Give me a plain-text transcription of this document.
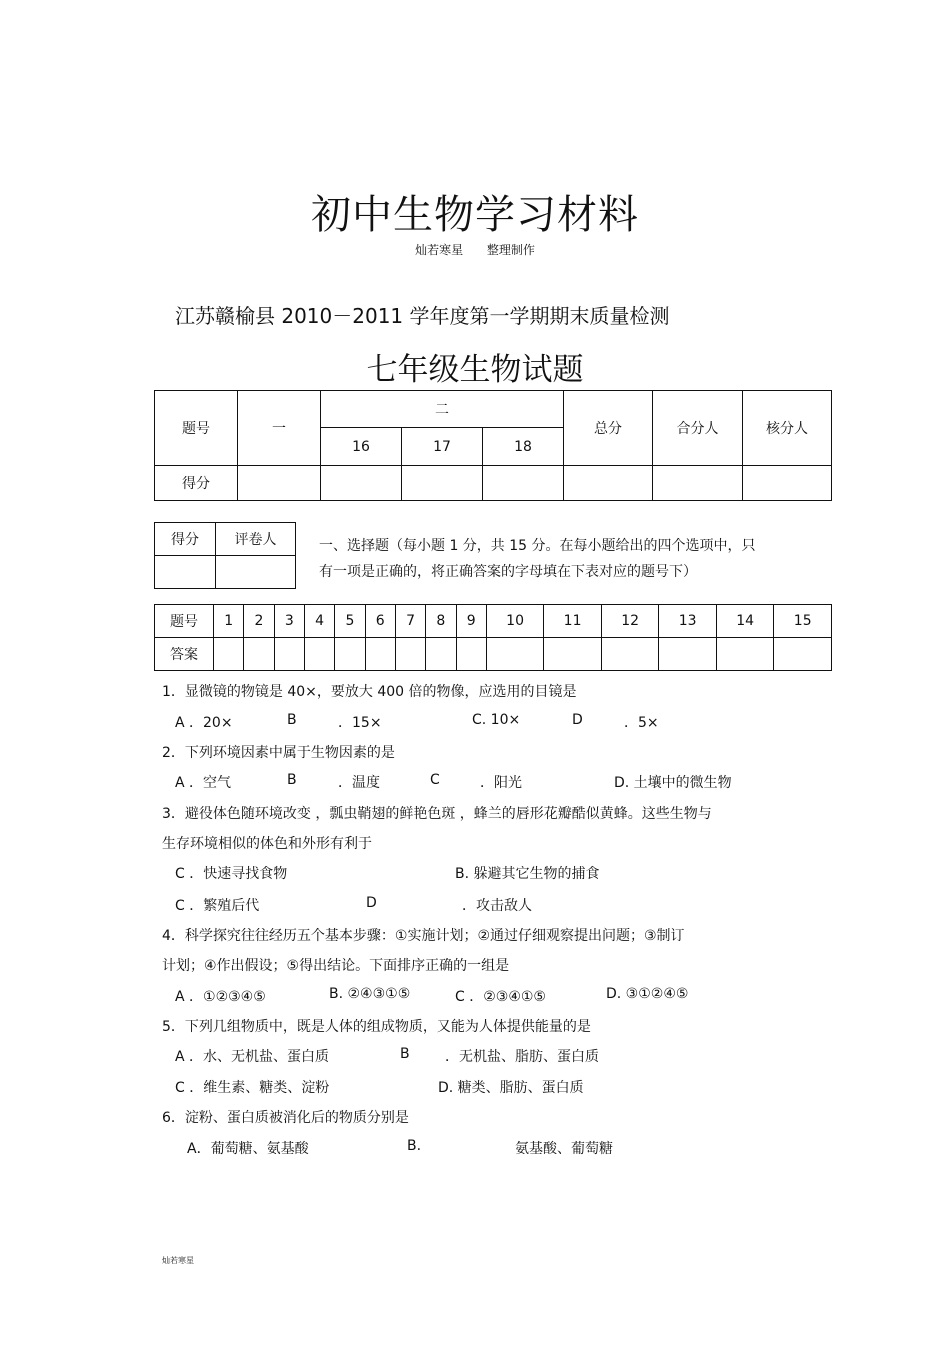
初中生物学习材料
灿若寒星 整理制作
江苏赣榆县 2010－2011 学年度第一学期期末质量检测
七年级生物试题
题号	一	二			总分	合分人	核分人
		16	17	18			
得分							
得分	评卷人
		一、选择题（每小题 1 分，共 15 分。在每小题给出的四个选项中，只
有一项是正确的，将正确答案的字母填在下表对应的题号下）
题号	1	2	3	4	5	6	7	8	9	10	11	12	13	14	15
答案															
1．显微镜的物镜是 40×，要放大 400 倍的物像，应选用的目镜是
A ．20×	B	．15×	C. 10×	D	．5×
2．下列环境因素中属于生物因素的是
A ．空气	B	．温度	C	．阳光	D. 土壤中的微生物
3．避役体色随环境改变 ，瓢虫鞘翅的鲜艳色斑 ，蜂兰的唇形花瓣酷似黄蜂。这些生物与
生存环境相似的体色和外形有利于
C ．快速寻找食物	B. 躲避其它生物的捕食
C ．繁殖后代	D	．攻击敌人
4．科学探究往往经历五个基本步骤：①实施计划；②通过仔细观察提出问题；③制订
计划；④作出假设；⑤得出结论。下面排序正确的一组是
A ．①②③④⑤	B. ②④③①⑤	C ．②③④①⑤	D. ③①②④⑤
5．下列几组物质中，既是人体的组成物质，又能为人体提供能量的是
A ．水、无机盐、蛋白质	B	．无机盐、脂肪、蛋白质
C ．维生素、糖类、淀粉	D. 糖类、脂肪、蛋白质
6．淀粉、蛋白质被消化后的物质分别是
A．葡萄糖、氨基酸	B.	氨基酸、葡萄糖
灿若寒星
